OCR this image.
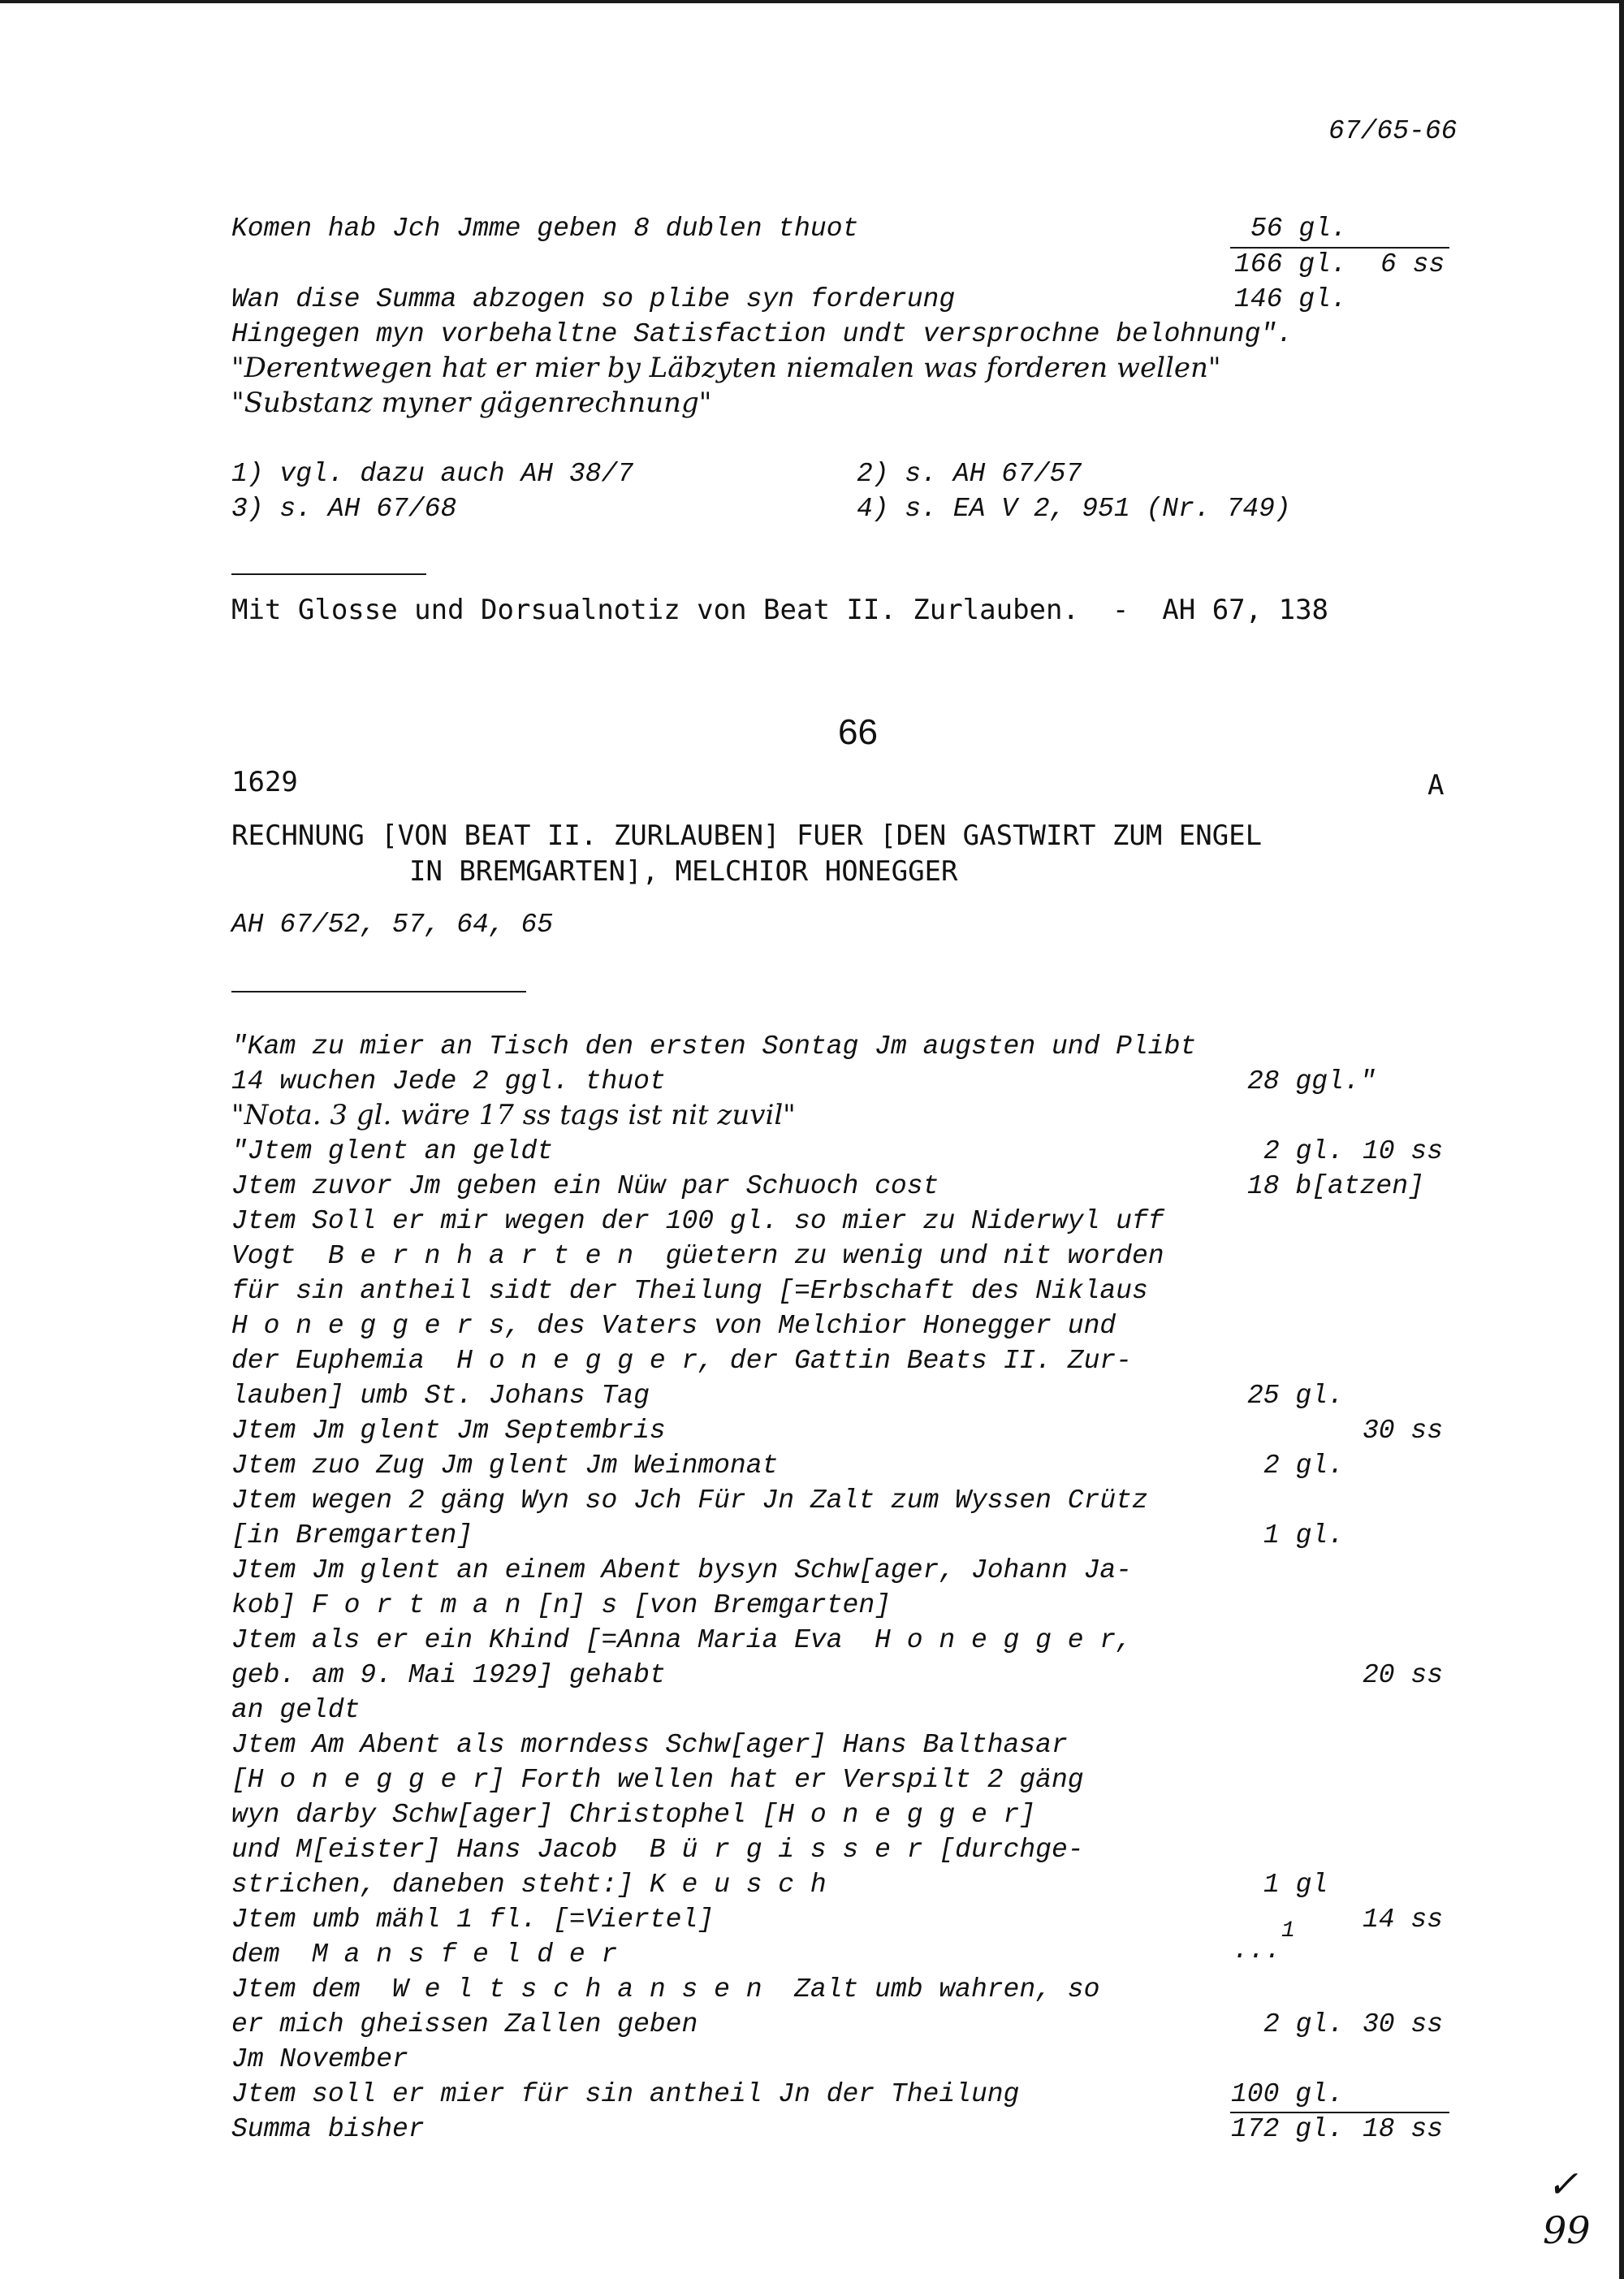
67/65-66
Komen hab Jch Jmme geben 8 dublen thuot	56 gl.
166 gl. 6 ss
Wan dise Summa abzogen so plibe syn forderung	146 gl.
Hingegen myn vorbehaltne Satisfaction undt versprochne belohnung".
"Derentwegen hat er mier by Läbzyten niemalen was forderen wellen"
"Substanz myner gägenrechnung"
1) vgl. dazu auch AH 38/7	2) s. AH 67/57
3) s. AH 67/68	4) s. EA V 2, 951 (Nr. 749)
Mit Glosse und Dorsualnotiz von Beat II. Zurlauben.  -  AH 67, 138
66
1629	A
RECHNUNG [VON BEAT II. ZURLAUBEN] FUER [DEN GASTWIRT ZUM ENGEL
IN BREMGARTEN], MELCHIOR HONEGGER
AH 67/52, 57, 64, 65
"Kam zu mier an Tisch den ersten Sontag Jm augsten und Plibt
14 wuchen Jede 2 ggl. thuot	28 ggl."
"Nota. 3 gl. wäre 17 ss tags ist nit zuvil"
"Jtem glent an geldt	2 gl. 10 ss
Jtem zuvor Jm geben ein Nüw par Schuoch cost	18 b[atzen]
Jtem Soll er mir wegen der 100 gl. so mier zu Niderwyl uff
Vogt  B e r n h a r t e n  güetern zu wenig und nit worden
für sin antheil sidt der Theilung [=Erbschaft des Niklaus
H o n e g g e r s, des Vaters von Melchior Honegger und
der Euphemia  H o n e g g e r, der Gattin Beats II. Zur-
lauben] umb St. Johans Tag	25 gl.
Jtem Jm glent Jm Septembris	30 ss
Jtem zuo Zug Jm glent Jm Weinmonat	2 gl.
Jtem wegen 2 gäng Wyn so Jch Für Jn Zalt zum Wyssen Crütz
[in Bremgarten]	1 gl.
Jtem Jm glent an einem Abent bysyn Schw[ager, Johann Ja-
kob] F o r t m a n [n] s [von Bremgarten]
Jtem als er ein Khind [=Anna Maria Eva  H o n e g g e r,
geb. am 9. Mai 1929] gehabt	20 ss
an geldt
Jtem Am Abent als morndess Schw[ager] Hans Balthasar
[H o n e g g e r] Forth wellen hat er Verspilt 2 gäng
wyn darby Schw[ager] Christophel [H o n e g g e r]
und M[eister] Hans Jacob  B ü r g i s s e r [durchge-
strichen, daneben steht:] K e u s c h	1 gl
Jtem umb mähl 1 fl. [=Viertel]	14 ss
1
dem  M a n s f e l d e r	...
Jtem dem  W e l t s c h a n s e n  Zalt umb wahren, so
er mich gheissen Zallen geben	2 gl. 30 ss
Jm November
Jtem soll er mier für sin antheil Jn der Theilung	100 gl.
Summa bisher	172 gl. 18 ss
✓
99
